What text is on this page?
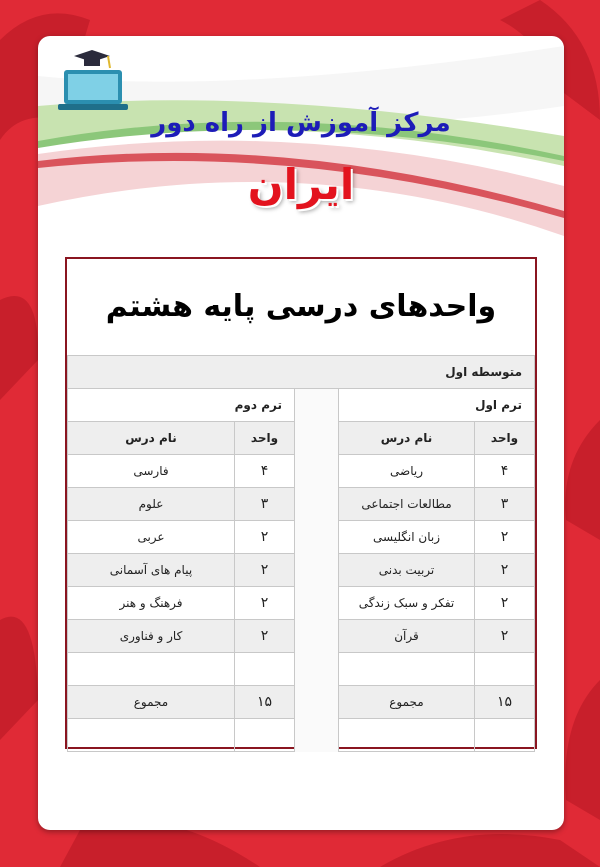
مرکز آموزش از راه دور
ایران
واحدهای درسی پایه هشتم
متوسطه اول				
ترم اول			ترم دوم	
واحد	نام درس		واحد	نام درس
۴	ریاضی		۴	فارسی
۳	مطالعات اجتماعی		۳	علوم
۲	زبان انگلیسی		۲	عربی
۲	تربیت بدنی		۲	پیام های آسمانی
۲	تفکر و سبک زندگی		۲	فرهنگ و هنر
۲	قرآن		۲	کار و فناوری

۱۵	مجموع		۱۵	مجموع
